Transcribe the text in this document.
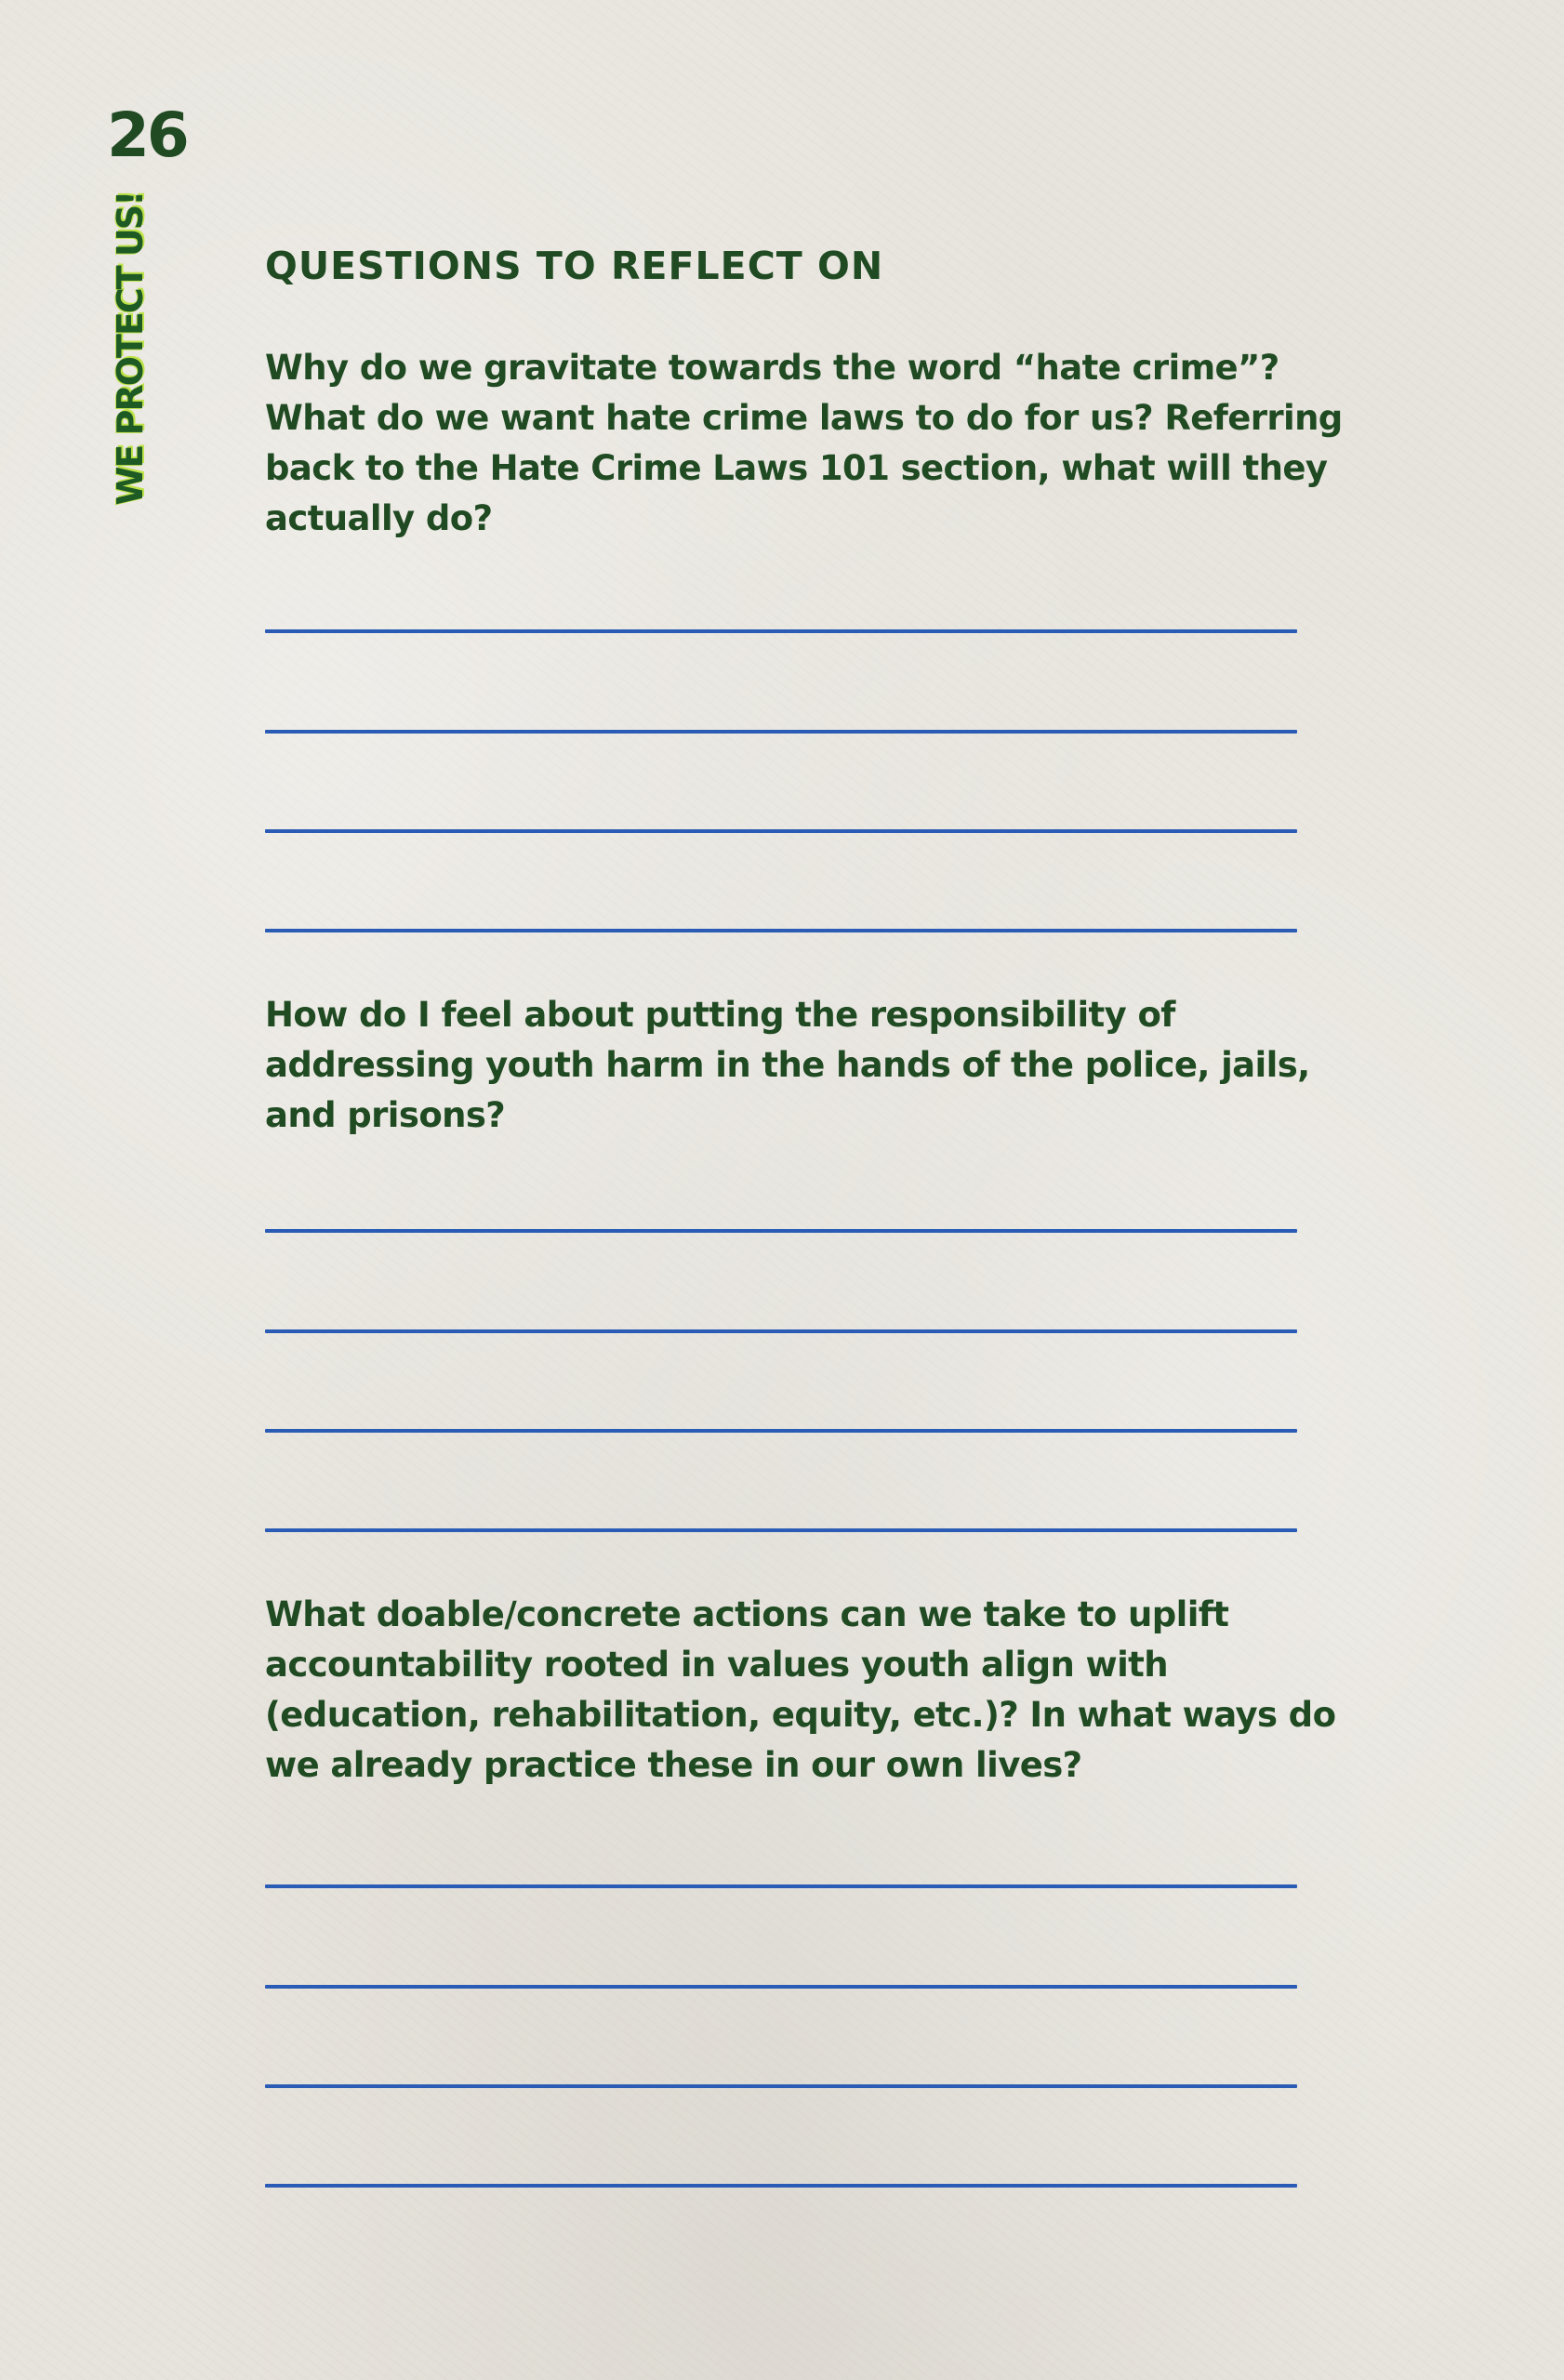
26
WE PROTECT US!	QUESTIONS TO REFLECT ON

Why do we gravitate towards the word “hate crime”?
What do we want hate crime laws to do for us? Referring
back to the Hate Crime Laws 101 section, what will they
actually do?

How do I feel about putting the responsibility of
addressing youth harm in the hands of the police, jails,
and prisons?

What doable/concrete actions can we take to uplift
accountability rooted in values youth align with
(education, rehabilitation, equity, etc.)? In what ways do
we already practice these in our own lives?
